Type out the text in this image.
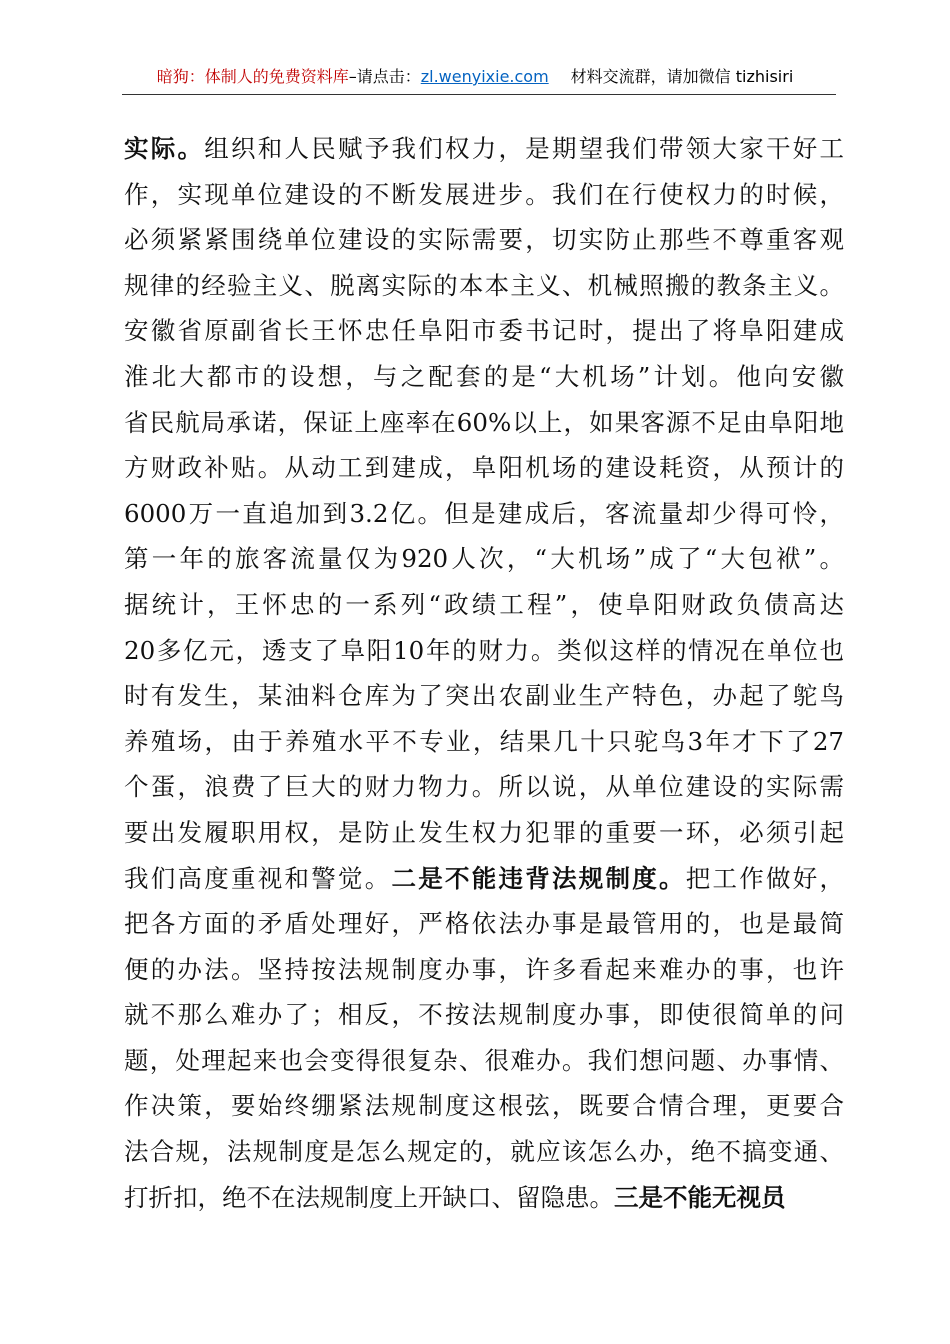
暗狗：体制人的免费资料库–请点击：zl.wenyixie.com 材料交流群，请加微信 tizhisiri
实际。组织和人民赋予我们权力，是期望我们带领大家干好工
作，实现单位建设的不断发展进步。我们在行使权力的时候，
必须紧紧围绕单位建设的实际需要，切实防止那些不尊重客观
规律的经验主义、脱离实际的本本主义、机械照搬的教条主义。
安徽省原副省长王怀忠任阜阳市委书记时，提出了将阜阳建成
淮北大都市的设想，与之配套的是“大机场”计划。他向安徽
省民航局承诺，保证上座率在60%以上，如果客源不足由阜阳地
方财政补贴。从动工到建成，阜阳机场的建设耗资，从预计的
6000万一直追加到3.2亿。但是建成后，客流量却少得可怜，
第一年的旅客流量仅为920人次，“大机场”成了“大包袱”。
据统计，王怀忠的一系列“政绩工程”，使阜阳财政负债高达
20多亿元，透支了阜阳10年的财力。类似这样的情况在单位也
时有发生，某油料仓库为了突出农副业生产特色，办起了鸵鸟
养殖场，由于养殖水平不专业，结果几十只驼鸟3年才下了27
个蛋，浪费了巨大的财力物力。所以说，从单位建设的实际需
要出发履职用权，是防止发生权力犯罪的重要一环，必须引起
我们高度重视和警觉。二是不能违背法规制度。把工作做好，
把各方面的矛盾处理好，严格依法办事是最管用的，也是最简
便的办法。坚持按法规制度办事，许多看起来难办的事，也许
就不那么难办了；相反，不按法规制度办事，即使很简单的问
题，处理起来也会变得很复杂、很难办。我们想问题、办事情、
作决策，要始终绷紧法规制度这根弦，既要合情合理，更要合
法合规，法规制度是怎么规定的，就应该怎么办，绝不搞变通、
打折扣，绝不在法规制度上开缺口、留隐患。三是不能无视员
